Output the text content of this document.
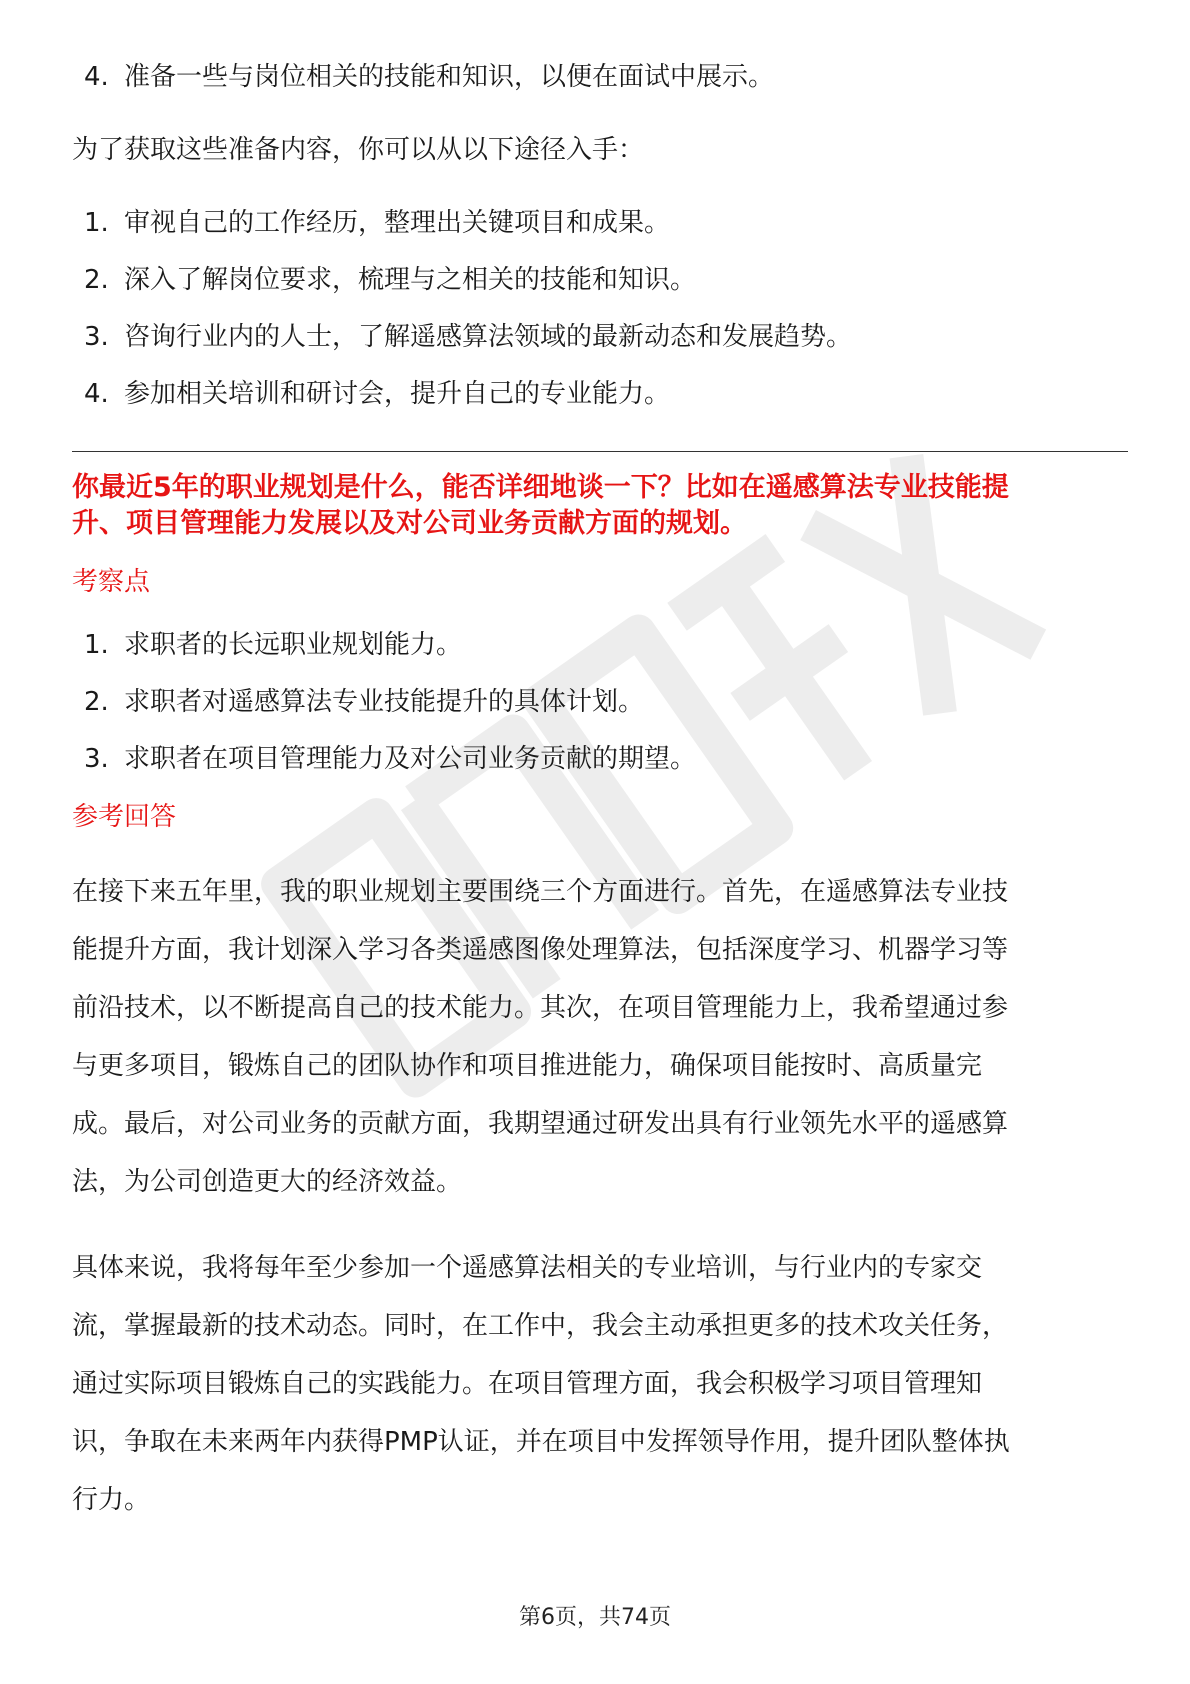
4. 准备一些与岗位相关的技能和知识，以便在面试中展示。

为了获取这些准备内容，你可以从以下途径入手：

1. 审视自己的工作经历，整理出关键项目和成果。
2. 深入了解岗位要求，梳理与之相关的技能和知识。
3. 咨询行业内的人士，了解遥感算法领域的最新动态和发展趋势。
4. 参加相关培训和研讨会，提升自己的专业能力。

你最近5年的职业规划是什么，能否详细地谈一下？比如在遥感算法专业技能提

升、项目管理能力发展以及对公司业务贡献方面的规划。

考察点

1. 求职者的长远职业规划能力。
2. 求职者对遥感算法专业技能提升的具体计划。
3. 求职者在项目管理能力及对公司业务贡献的期望。

参考回答

在接下来五年里，我的职业规划主要围绕三个方面进行。首先，在遥感算法专业技

能提升方面，我计划深入学习各类遥感图像处理算法，包括深度学习、机器学习等

前沿技术，以不断提高自己的技术能力。其次，在项目管理能力上，我希望通过参

与更多项目，锻炼自己的团队协作和项目推进能力，确保项目能按时、高质量完

成。最后，对公司业务的贡献方面，我期望通过研发出具有行业领先水平的遥感算

法，为公司创造更大的经济效益。

具体来说，我将每年至少参加一个遥感算法相关的专业培训，与行业内的专家交

流，掌握最新的技术动态。同时，在工作中，我会主动承担更多的技术攻关任务，

通过实际项目锻炼自己的实践能力。在项目管理方面，我会积极学习项目管理知

识，争取在未来两年内获得PMP认证，并在项目中发挥领导作用，提升团队整体执

行力。

第6页，共74页
